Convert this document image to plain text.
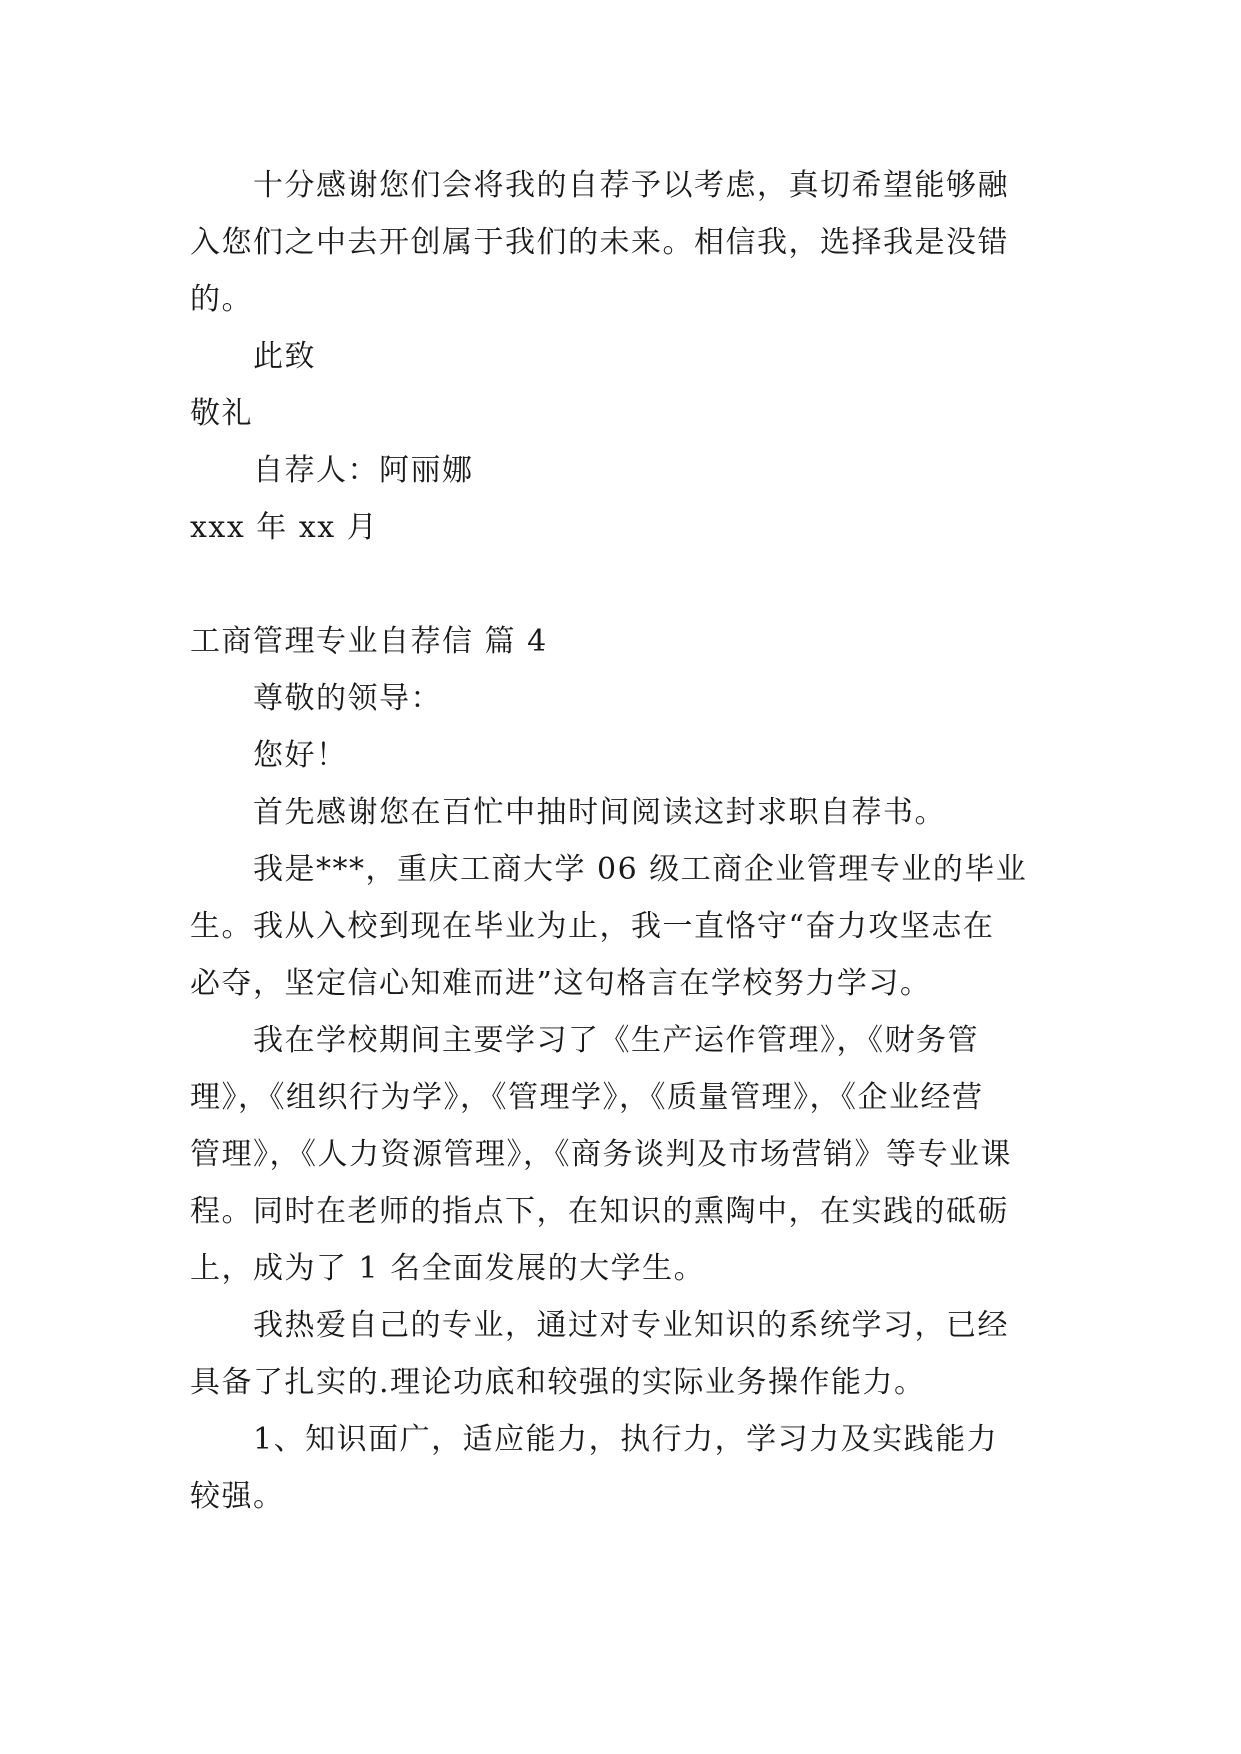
　　十分感谢您们会将我的自荐予以考虑，真切希望能够融
入您们之中去开创属于我们的未来。相信我，选择我是没错
的。
　　此致
敬礼
　　自荐人：阿丽娜
xxx 年 xx 月
工商管理专业自荐信 篇 4
　　尊敬的领导：
　　您好！
　　首先感谢您在百忙中抽时间阅读这封求职自荐书。
　　我是***，重庆工商大学 06 级工商企业管理专业的毕业
生。我从入校到现在毕业为止，我一直恪守“奋力攻坚志在
必夺，坚定信心知难而进”这句格言在学校努力学习。
　　我在学校期间主要学习了《生产运作管理》，《财务管
理》，《组织行为学》，《管理学》，《质量管理》，《企业经营
管理》，《人力资源管理》，《商务谈判及市场营销》等专业课
程。同时在老师的指点下，在知识的熏陶中，在实践的砥砺
上，成为了 1 名全面发展的大学生。
　　我热爱自己的专业，通过对专业知识的系统学习，已经
具备了扎实的.理论功底和较强的实际业务操作能力。
　　1、知识面广，适应能力，执行力，学习力及实践能力
较强。
